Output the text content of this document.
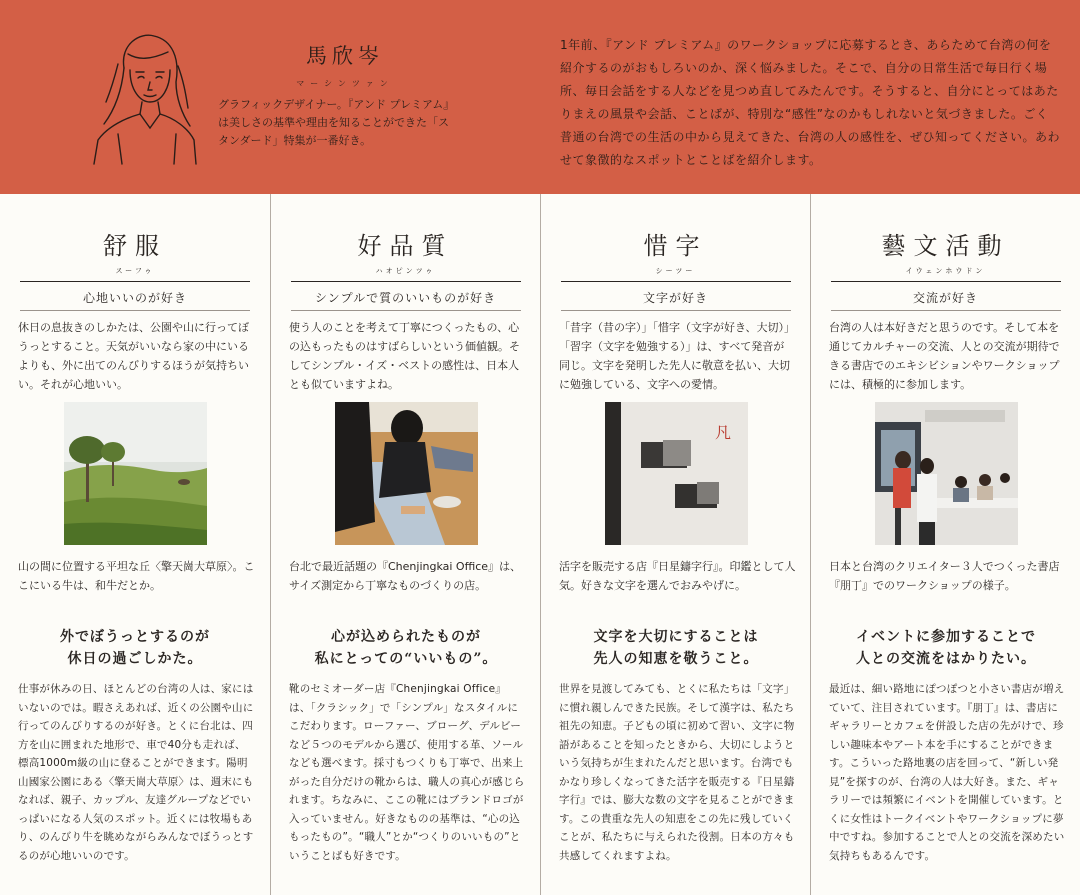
馬欣岑
マーシンツァン
グラフィックデザイナー。『アンド プレミアム』は美しさの基準や理由を知ることができた「スタンダード」特集が一番好き。
1年前、『アンド プレミアム』のワークショップに応募するとき、あらためて台湾の何を紹介するのがおもしろいのか、深く悩みました。そこで、自分の日常生活で毎日行く場所、毎日会話をする人などを見つめ直してみたんです。そうすると、自分にとってはあたりまえの風景や会話、ことばが、特別な“感性”なのかもしれないと気づきました。ごく普通の台湾での生活の中から見えてきた、台湾の人の感性を、ぜひ知ってください。あわせて象徴的なスポットとことばを紹介します。
舒服
スーフゥ
心地いいのが好き
休日の息抜きのしかたは、公園や山に行ってぼうっとすること。天気がいいなら家の中にいるよりも、外に出てのんびりするほうが気持ちいい。それが心地いい。
山の間に位置する平坦な丘〈擎天崗大草原〉。ここにいる牛は、和牛だとか。
外でぼうっとするのが
休日の過ごしかた。
仕事が休みの日、ほとんどの台湾の人は、家にはいないのでは。暇さえあれば、近くの公園や山に行ってのんびりするのが好き。とくに台北は、四方を山に囲まれた地形で、車で40分も走れば、標高1000m級の山に登ることができます。陽明山國家公園にある〈擎天崗大草原〉は、週末にもなれば、親子、カップル、友達グループなどでいっぱいになる人気のスポット。近くには牧場もあり、のんびり牛を眺めながらみんなでぼうっとするのが心地いいのです。
好品質
ハオピンツゥ
シンプルで質のいいものが好き
使う人のことを考えて丁寧につくったもの、心の込もったものはすばらしいという価値観。そしてシンプル・イズ・ベストの感性は、日本人とも似ていますよね。
台北で最近話題の『Chenjingkai Office』は、サイズ測定から丁寧なものづくりの店。
心が込められたものが
私にとっての“いいもの”。
靴のセミオーダー店『Chenjingkai Office』は、「クラシック」で「シンプル」なスタイルにこだわります。ローファー、ブローグ、デルビーなど５つのモデルから選び、使用する革、ソールなども選べます。採寸もつくりも丁寧で、出来上がった自分だけの靴からは、職人の真心が感じられます。ちなみに、ここの靴にはブランドロゴが入っていません。好きなものの基準は、“心の込もったもの”。“職人”とか“つくりのいいもの”ということばも好きです。
惜字
シーツー
文字が好き
「昔字（昔の字）」「惜字（文字が好き、大切）」「習字（文字を勉強する）」は、すべて発音が同じ。文字を発明した先人に敬意を払い、大切に勉強している、文字への愛情。
凡
活字を販売する店『日星鑄字行』。印鑑として人気。好きな文字を選んでおみやげに。
文字を大切にすることは
先人の知恵を敬うこと。
世界を見渡してみても、とくに私たちは「文字」に慣れ親しんできた民族。そして漢字は、私たち祖先の知恵。子どもの頃に初めて習い、文字に物語があることを知ったときから、大切にしようという気持ちが生まれたんだと思います。台湾でもかなり珍しくなってきた活字を販売する『日星鑄字行』では、膨大な数の文字を見ることができます。この貴重な先人の知恵をこの先に残していくことが、私たちに与えられた役割。日本の方々も共感してくれますよね。
藝文活動
イウェンホウドン
交流が好き
台湾の人は本好きだと思うのです。そして本を通じてカルチャーの交流、人との交流が期待できる書店でのエキシビションやワークショップには、積極的に参加します。
日本と台湾のクリエイター３人でつくった書店『朋丁』でのワークショップの様子。
イベントに参加することで
人との交流をはかりたい。
最近は、細い路地にぽつぽつと小さい書店が増えていて、注目されています。『朋丁』は、書店にギャラリーとカフェを併設した店の先がけで、珍しい趣味本やアート本を手にすることができます。こういった路地裏の店を回って、“新しい発見”を探すのが、台湾の人は大好き。また、ギャラリーでは頻繁にイベントを開催しています。とくに女性はトークイベントやワークショップに夢中ですね。参加することで人との交流を深めたい気持ちもあるんです。
